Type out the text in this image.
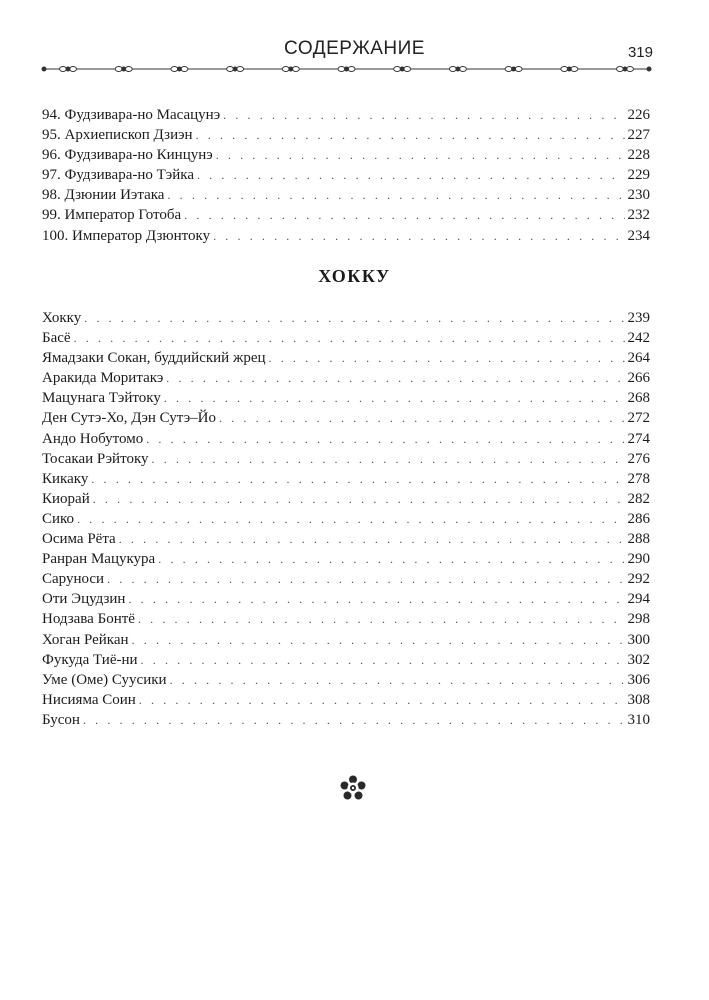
СОДЕРЖАНИЕ	319
94. Фудзивара-но Масацунэ . . .	226
95. Архиепископ Дзиэн . . .	227
96. Фудзивара-но Кинцунэ . . .	228
97. Фудзивара-но Тэйка . . .	229
98. Дзюнии Иэтака . . .	230
99. Император Готоба . . .	232
100. Император Дзюнтоку . . .	234
ХОККУ
Хокку . . .	239
Басё . . .	242
Ямадзаки Сокан, буддийский жрец . . .	264
Аракида Моритакэ . . .	266
Мацунага Тэйтоку . . .	268
Ден Сутэ-Хо, Дэн Сутэ–Йо . . .	272
Андо Нобутомо . . .	274
Тосакаи Рэйтоку . . .	276
Кикаку . . .	278
Киорай . . .	282
Сико . . .	286
Осима Рёта . . .	288
Ранран Мацукура . . .	290
Саруноси . . .	292
Оти Эцудзин . . .	294
Нодзава Бонтё . . .	298
Хоган Рейкан . . .	300
Фукуда Тиё-ни . . .	302
Уме (Оме) Суусики . . .	306
Нисияма Соин . . .	308
Бусон . . .	310
